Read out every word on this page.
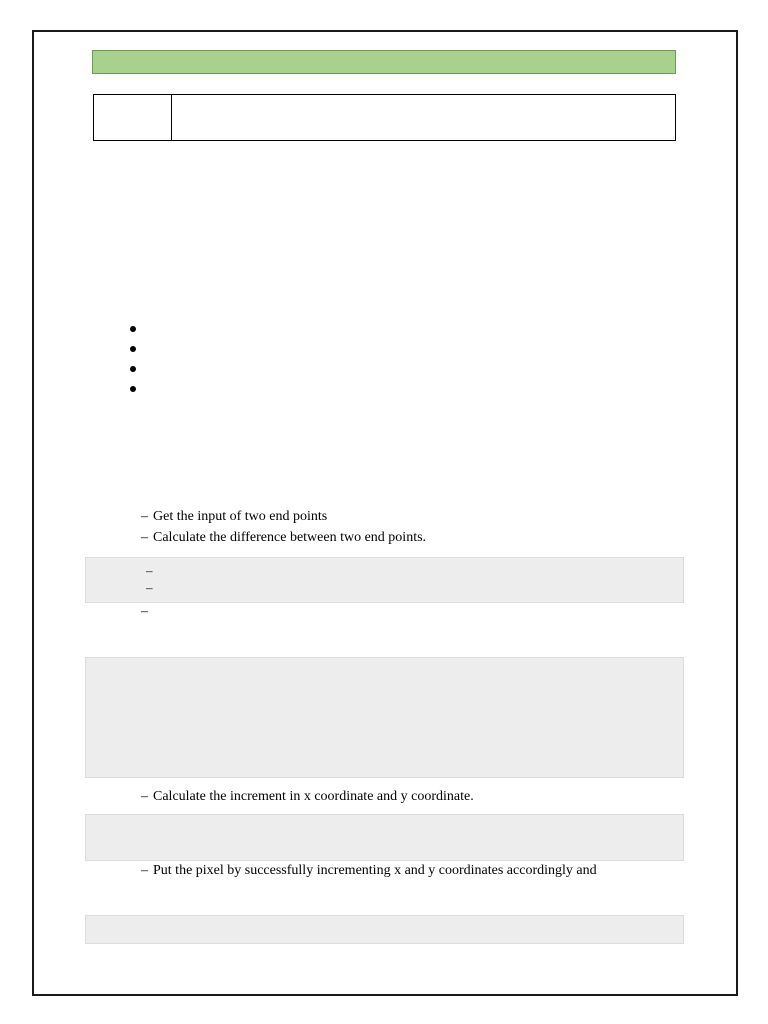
– Get the input of two end points
– Calculate the difference between two end points.
–
–
–
– Calculate the increment in x coordinate and y coordinate.
– Put the pixel by successfully incrementing x and y coordinates accordingly and
